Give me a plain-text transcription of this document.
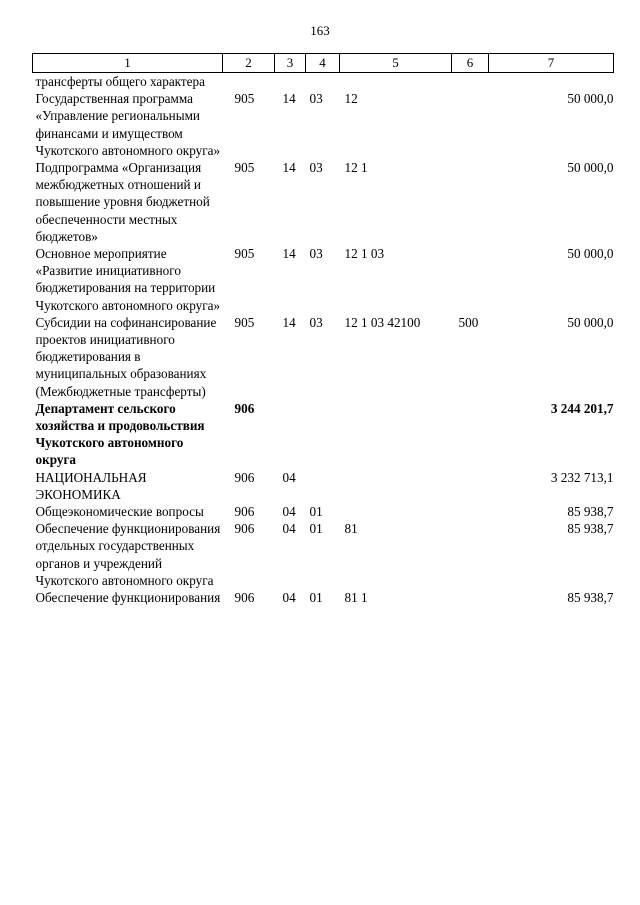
163
1	2	3	4	5	6	7
трансферты общего характера						
Государственная программа «Управление региональными финансами и имуществом Чукотского автономного округа»	905	14	03	12		50 000,0
Подпрограмма «Организация межбюджетных отношений и повышение уровня бюджетной обеспеченности местных бюджетов»	905	14	03	12 1		50 000,0
Основное мероприятие «Развитие инициативного бюджетирования на территории Чукотского автономного округа»	905	14	03	12 1 03		50 000,0
Субсидии на софинансирование проектов инициативного бюджетирования в муниципальных образованиях (Межбюджетные трансферты)	905	14	03	12 1 03 42100	500	50 000,0
Департамент сельского хозяйства и продовольствия Чукотского автономного округа	906					3 244 201,7
НАЦИОНАЛЬНАЯ ЭКОНОМИКА	906	04				3 232 713,1
Общеэкономические вопросы	906	04	01			85 938,7
Обеспечение функционирования отдельных государственных органов и учреждений Чукотского автономного округа	906	04	01	81		85 938,7
Обеспечение функционирования	906	04	01	81 1		85 938,7
